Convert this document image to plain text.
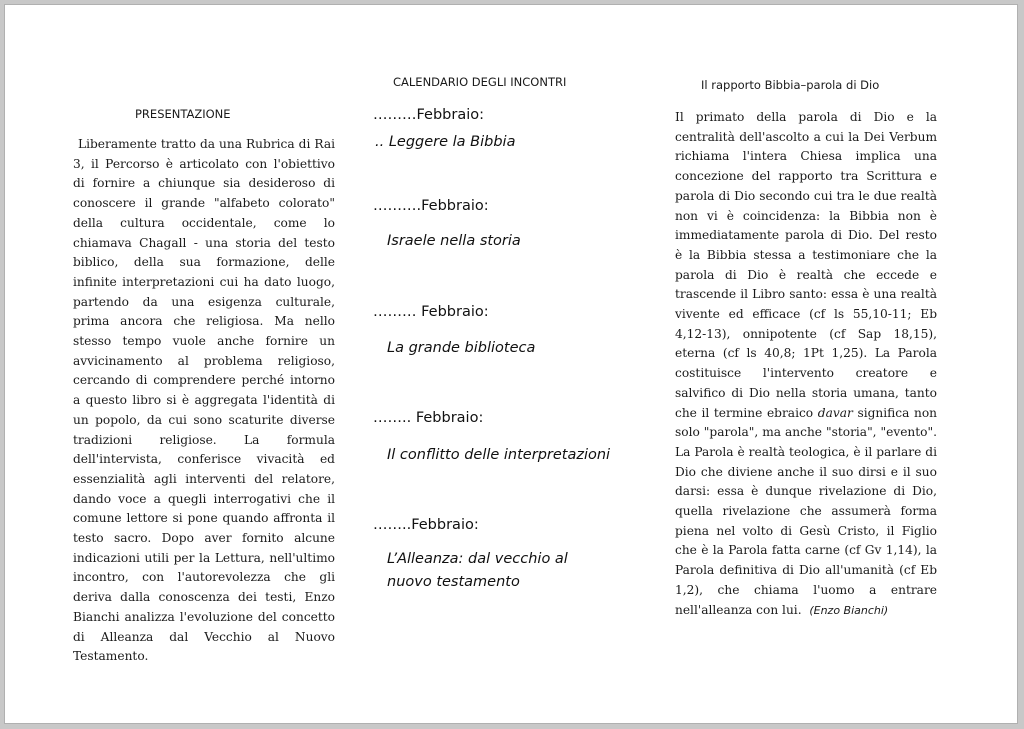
PRESENTAZIONE
Liberamente tratto da una Rubrica di Rai 3, il Percorso è articolato con l'obiettivo di fornire a chiunque sia desideroso di conoscere il grande "alfabeto colorato" della cultura occidentale, come lo chiamava Chagall - una storia del testo biblico, della sua formazione, delle infinite interpretazioni cui ha dato luogo, partendo da una esigenza culturale, prima ancora che religiosa. Ma nello stesso tempo vuole anche fornire un avvicinamento al problema religioso, cercando di comprendere perché intorno a questo libro si è aggregata l'identità di un popolo, da cui sono scaturite diverse tradizioni religiose. La formula dell'intervista, conferisce vivacità ed essenzialità agli interventi del relatore, dando voce a quegli interrogativi che il comune lettore si pone quando affronta il testo sacro. Dopo aver fornito alcune indicazioni utili per la Lettura, nell'ultimo incontro, con l'autorevolezza che gli deriva dalla conoscenza dei testi, Enzo Bianchi analizza l'evoluzione del concetto di Alleanza dal Vecchio al Nuovo Testamento.
CALENDARIO DEGLI INCONTRI
………Febbraio:
.. Leggere la Bibbia
……….Febbraio:
Israele nella storia
……… Febbraio:
La grande biblioteca
…….. Febbraio:
Il conflitto delle interpretazioni
……..Febbraio:
L’Alleanza: dal vecchio al nuovo testamento
Il rapporto Bibbia–parola di Dio
Il primato della parola di Dio e la centralità dell'ascolto a cui la Dei Verbum richiama l'intera Chiesa implica una concezione del rapporto tra Scrittura e parola di Dio secondo cui tra le due realtà non vi è coincidenza: la Bibbia non è immediatamente parola di Dio. Del resto è la Bibbia stessa a testimoniare che la parola di Dio è realtà che eccede e trascende il Libro santo: essa è una realtà vivente ed efficace (cf ls 55,10-11; Eb 4,12-13), onnipotente (cf Sap 18,15), eterna (cf ls 40,8; 1Pt 1,25). La Parola costituisce l'intervento creatore e salvifico di Dio nella storia umana, tanto che il termine ebraico davar significa non solo "parola", ma anche "storia", "evento". La Parola è realtà teologica, è il parlare di Dio che diviene anche il suo dirsi e il suo darsi: essa è dunque rivelazione di Dio, quella rivelazione che assumerà forma piena nel volto di Gesù Cristo, il Figlio che è la Parola fatta carne (cf Gv 1,14), la Parola definitiva di Dio all'umanità (cf Eb 1,2), che chiama l'uomo a entrare nell'alleanza con lui. (Enzo Bianchi)
